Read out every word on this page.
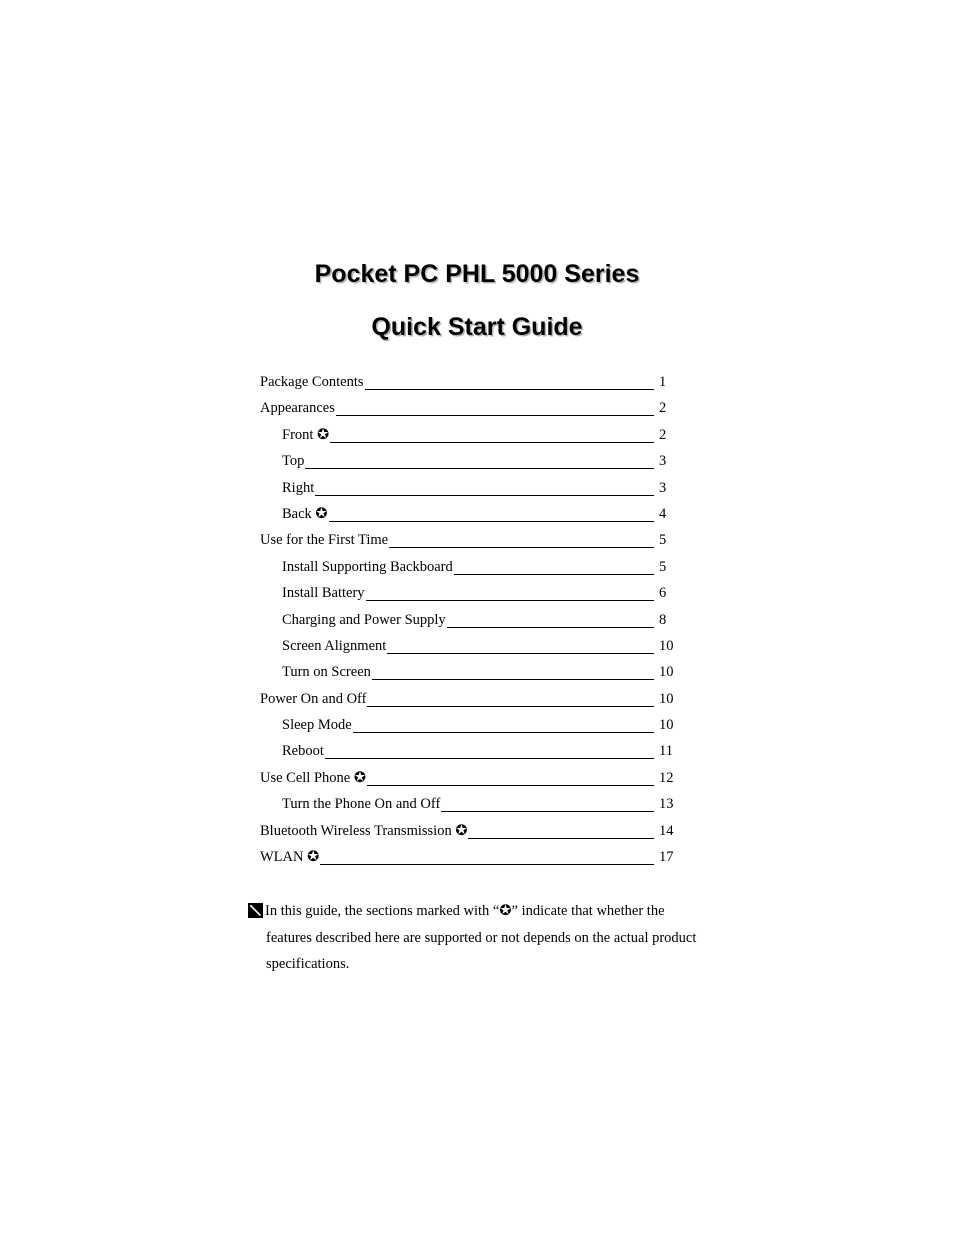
Pocket PC PHL 5000 Series
Quick Start Guide
Package Contents	1
Appearances	2
Front ✪	2
Top	3
Right	3
Back ✪	4
Use for the First Time	5
Install Supporting Backboard	5
Install Battery	6
Charging and Power Supply	8
Screen Alignment	10
Turn on Screen	10
Power On and Off	10
Sleep Mode	10
Reboot	11
Use Cell Phone ✪	12
Turn the Phone On and Off	13
Bluetooth Wireless Transmission ✪	14
WLAN ✪	17
In this guide, the sections marked with “✪” indicate that whether the
features described here are supported or not depends on the actual product
specifications.
